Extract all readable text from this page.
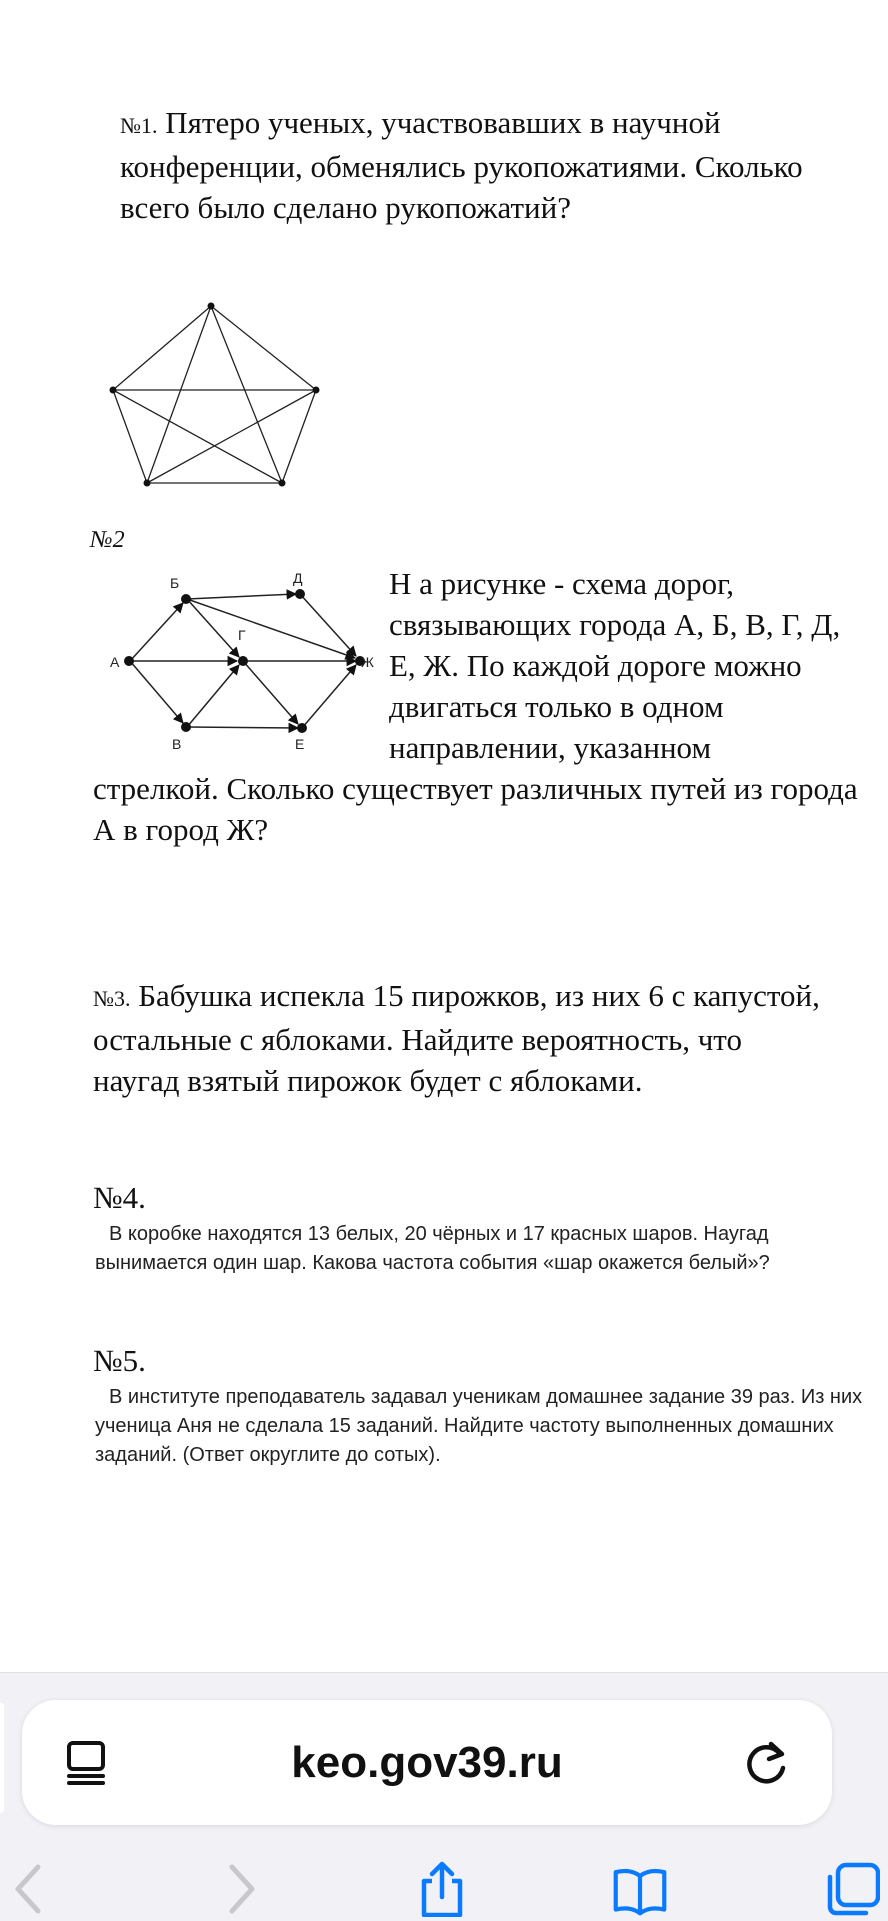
№1. Пятеро ученых, участвовавших в научной конференции, обменялись рукопожатиями. Сколько всего было сделано рукопожатий?
№2
А
Б	Д
Г
Ж
В	Е
Н а рисунке - схема дорог, связывающих города А, Б, В, Г, Д, Е, Ж. По каждой дороге можно двигаться только в одном направлении, указанном
стрелкой. Сколько существует различных путей из города А в город Ж?
№3. Бабушка испекла 15 пирожков, из них 6 с капустой, остальные с яблоками. Найдите вероятность, что наугад взятый пирожок будет с яблоками.
№4.
В коробке находятся 13 белых, 20 чёрных и 17 красных шаров. Наугад вынимается один шар. Какова частота события «шар окажется белый»?
№5.
В институте преподаватель задавал ученикам домашнее задание 39 раз. Из них ученица Аня не сделала 15 заданий. Найдите частоту выполненных домашних заданий. (Ответ округлите до сотых).
keo.gov39.ru
